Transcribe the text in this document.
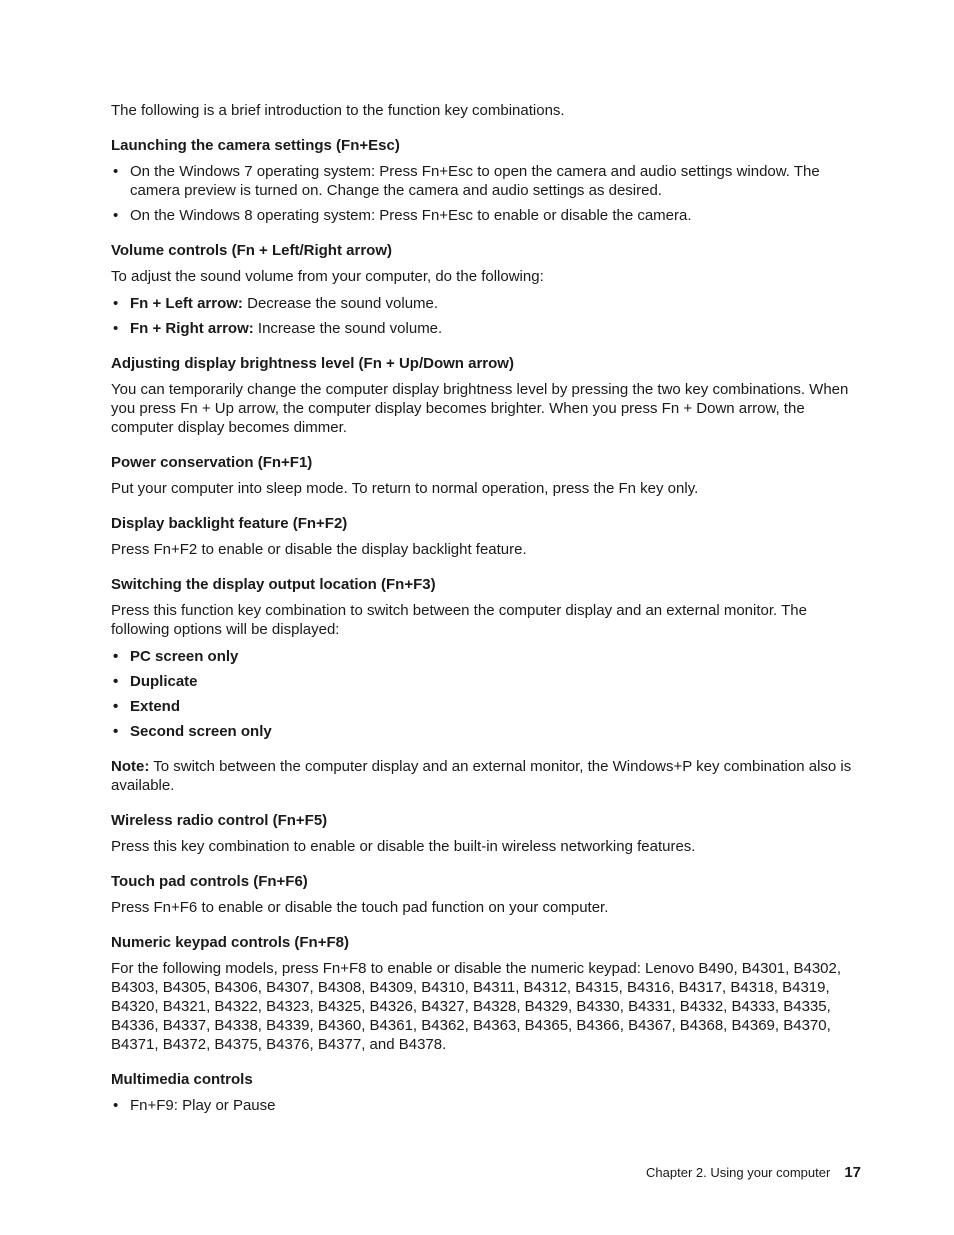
The following is a brief introduction to the function key combinations.

Launching the camera settings (Fn+Esc)
• On the Windows 7 operating system: Press Fn+Esc to open the camera and audio settings window. The camera preview is turned on. Change the camera and audio settings as desired.
• On the Windows 8 operating system: Press Fn+Esc to enable or disable the camera.
Volume controls (Fn + Left/Right arrow)

To adjust the sound volume from your computer, do the following:

• Fn + Left arrow: Decrease the sound volume.
• Fn + Right arrow: Increase the sound volume.
Adjusting display brightness level (Fn + Up/Down arrow)

You can temporarily change the computer display brightness level by pressing the two key combinations. When you press Fn + Up arrow, the computer display becomes brighter. When you press Fn + Down arrow, the computer display becomes dimmer.

Power conservation (Fn+F1)

Put your computer into sleep mode. To return to normal operation, press the Fn key only.

Display backlight feature (Fn+F2)

Press Fn+F2 to enable or disable the display backlight feature.

Switching the display output location (Fn+F3)

Press this function key combination to switch between the computer display and an external monitor. The following options will be displayed:

• PC screen only
• Duplicate
• Extend
• Second screen only

Note: To switch between the computer display and an external monitor, the Windows+P key combination also is available.

Wireless radio control (Fn+F5)

Press this key combination to enable or disable the built-in wireless networking features.

Touch pad controls (Fn+F6)

Press Fn+F6 to enable or disable the touch pad function on your computer.

Numeric keypad controls (Fn+F8)

For the following models, press Fn+F8 to enable or disable the numeric keypad: Lenovo B490, B4301, B4302, B4303, B4305, B4306, B4307, B4308, B4309, B4310, B4311, B4312, B4315, B4316, B4317, B4318, B4319, B4320, B4321, B4322, B4323, B4325, B4326, B4327, B4328, B4329, B4330, B4331, B4332, B4333, B4335, B4336, B4337, B4338, B4339, B4360, B4361, B4362, B4363, B4365, B4366, B4367, B4368, B4369, B4370, B4371, B4372, B4375, B4376, B4377, and B4378.

Multimedia controls
• Fn+F9: Play or Pause
Chapter 2. Using your computer 17
